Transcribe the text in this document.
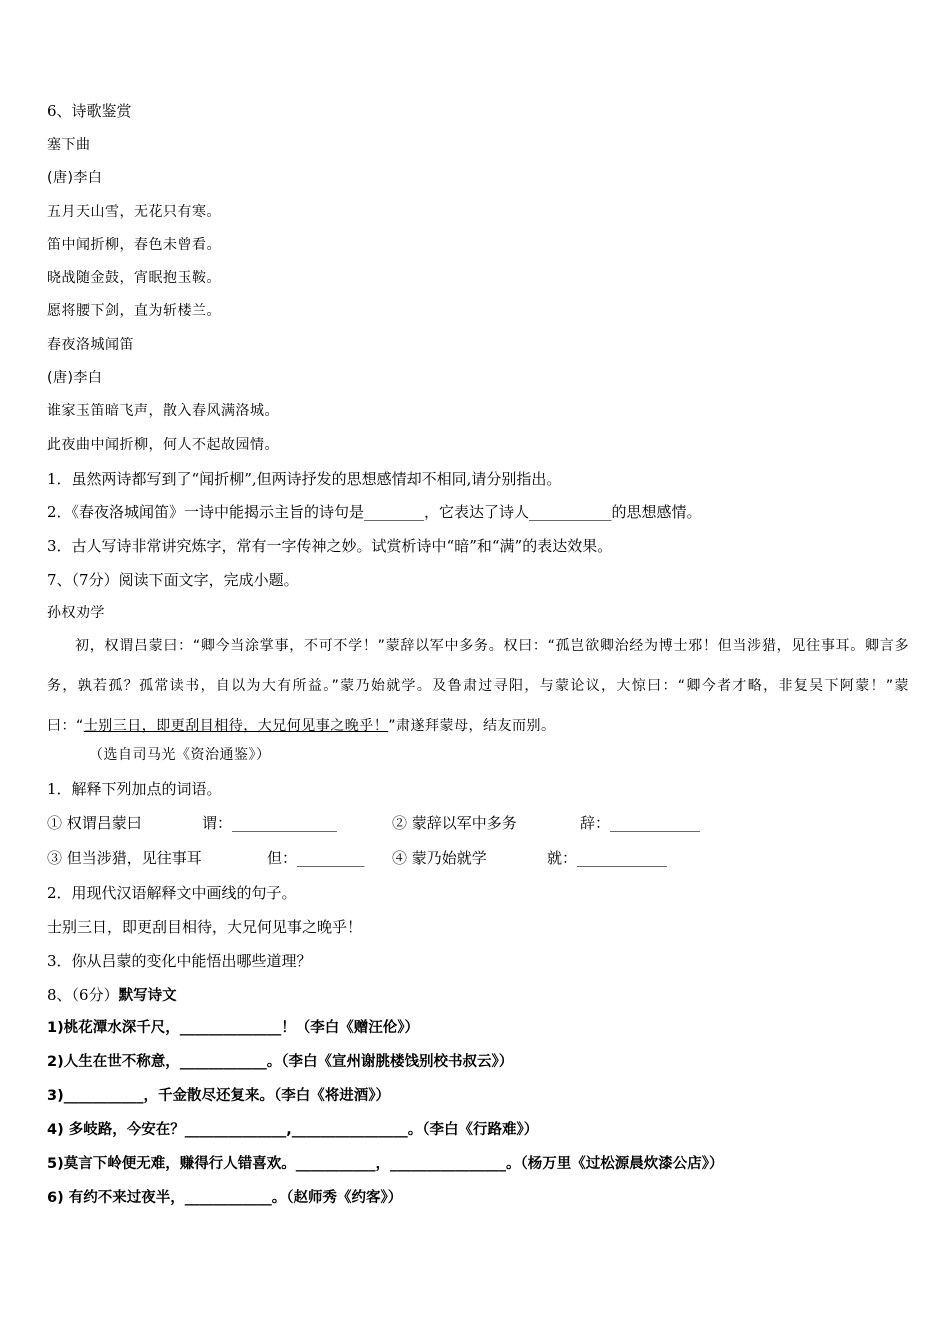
6、诗歌鉴赏
塞下曲
(唐)李白
五月天山雪，无花只有寒。
笛中闻折柳，春色未曾看。
晓战随金鼓，宵眠抱玉鞍。
愿将腰下剑，直为斩楼兰。
春夜洛城闻笛
(唐)李白
谁家玉笛暗飞声，散入春风满洛城。
此夜曲中闻折柳，何人不起故园情。
1．虽然两诗都写到了“闻折柳”,但两诗抒发的思想感情却不相同,请分别指出。
2．《春夜洛城闻笛》一诗中能揭示主旨的诗句是________，它表达了诗人___________的思想感情。
3．古人写诗非常讲究炼字，常有一字传神之妙。试赏析诗中“暗”和“满”的表达效果。
7、（7分）阅读下面文字，完成小题。
孙权劝学
初，权谓吕蒙曰：“卿今当涂掌事，不可不学！”蒙辞以军中多务。权曰：“孤岂欲卿治经为博士邪！但当涉猎，见往事耳。卿言多务，孰若孤？孤常读书，自以为大有所益。”蒙乃始就学。及鲁肃过寻阳，与蒙论议，大惊曰：“卿今者才略，非复吴下阿蒙！”蒙曰：“士别三日，即更刮目相待，大兄何见事之晚乎！”肃遂拜蒙母，结友而别。
（选自司马光《资治通鉴》）
1．解释下列加点的词语。
① 权谓吕蒙曰	谓：______________	② 蒙辞以军中多务	辞：____________
③ 但当涉猎，见往事耳	但：_________ ④ 蒙乃始就学	就：____________
2．用现代汉语解释文中画线的句子。
士别三日，即更刮目相待，大兄何见事之晚乎！
3．你从吕蒙的变化中能悟出哪些道理？
8、（6分）默写诗文
1)桃花潭水深千尺，______________！（李白《赠汪伦》）
2)人生在世不称意，____________。（李白《宣州谢朓楼饯别校书叔云》）
3)___________，千金散尽还复来。（李白《将进酒》）
4) 多岐路，今安在？______________,________________。（李白《行路难》）
5)莫言下岭便无难，赚得行人错喜欢。___________，________________。（杨万里《过松源晨炊漆公店》）
6) 有约不来过夜半，____________。（赵师秀《约客》）
